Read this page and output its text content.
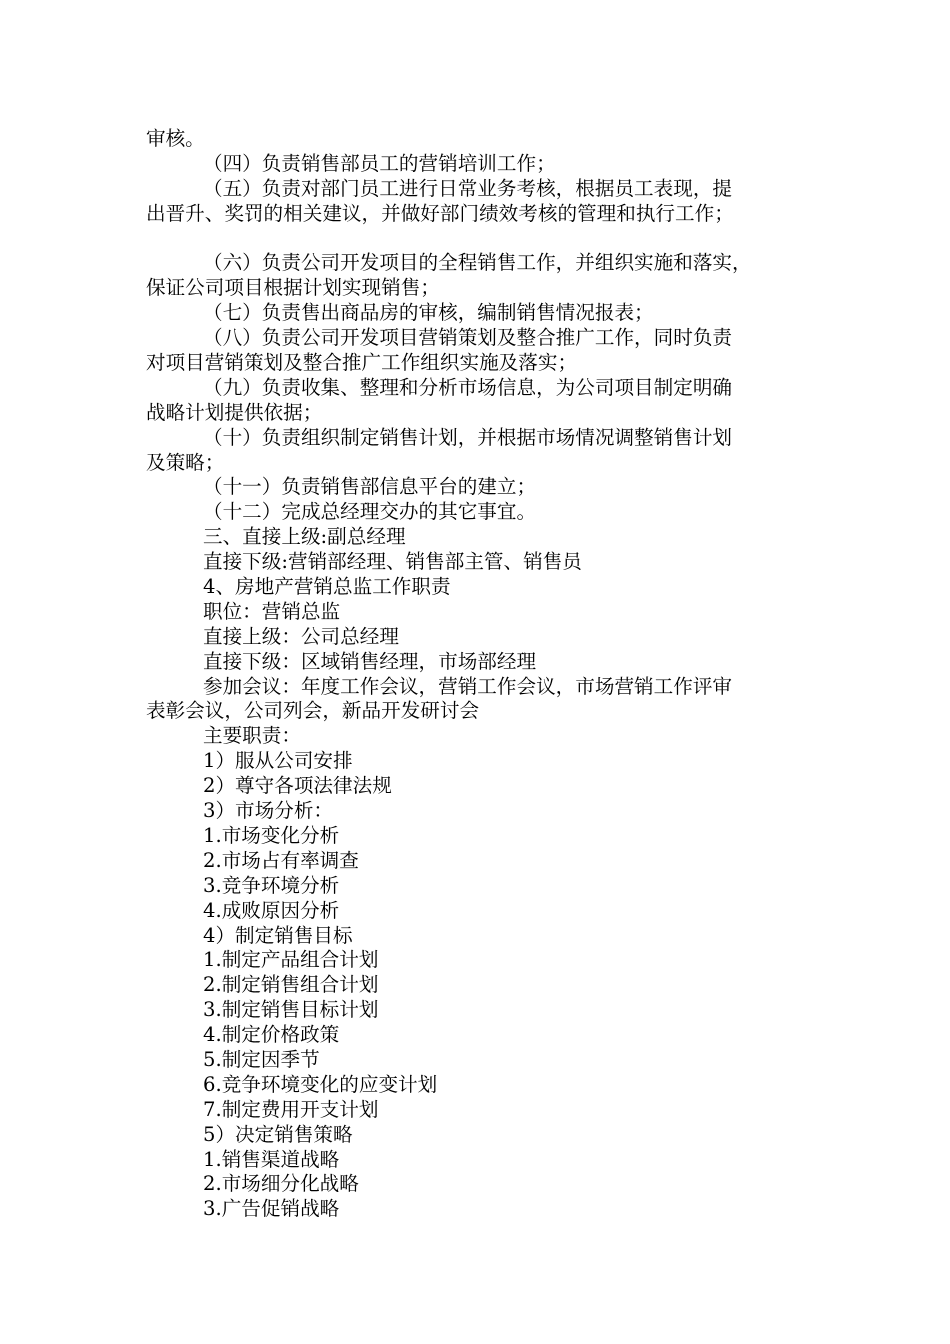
审核。
（四）负责销售部员工的营销培训工作；
（五）负责对部门员工进行日常业务考核，根据员工表现，提
出晋升、奖罚的相关建议，并做好部门绩效考核的管理和执行工作；
（六）负责公司开发项目的全程销售工作，并组织实施和落实，
保证公司项目根据计划实现销售；
（七）负责售出商品房的审核，编制销售情况报表；
（八）负责公司开发项目营销策划及整合推广工作，同时负责
对项目营销策划及整合推广工作组织实施及落实；
（九）负责收集、整理和分析市场信息，为公司项目制定明确
战略计划提供依据；
（十）负责组织制定销售计划，并根据市场情况调整销售计划
及策略；
（十一）负责销售部信息平台的建立；
（十二）完成总经理交办的其它事宜。
三、直接上级:副总经理
直接下级:营销部经理、销售部主管、销售员
4、房地产营销总监工作职责
职位：营销总监
直接上级：公司总经理
直接下级：区域销售经理，市场部经理
参加会议：年度工作会议，营销工作会议，市场营销工作评审
表彰会议，公司列会，新品开发研讨会
主要职责：
1）服从公司安排
2）尊守各项法律法规
3）市场分析：
1.市场变化分析
2.市场占有率调查
3.竞争环境分析
4.成败原因分析
4）制定销售目标
1.制定产品组合计划
2.制定销售组合计划
3.制定销售目标计划
4.制定价格政策
5.制定因季节
6.竞争环境变化的应变计划
7.制定费用开支计划
5）决定销售策略
1.销售渠道战略
2.市场细分化战略
3.广告促销战略
